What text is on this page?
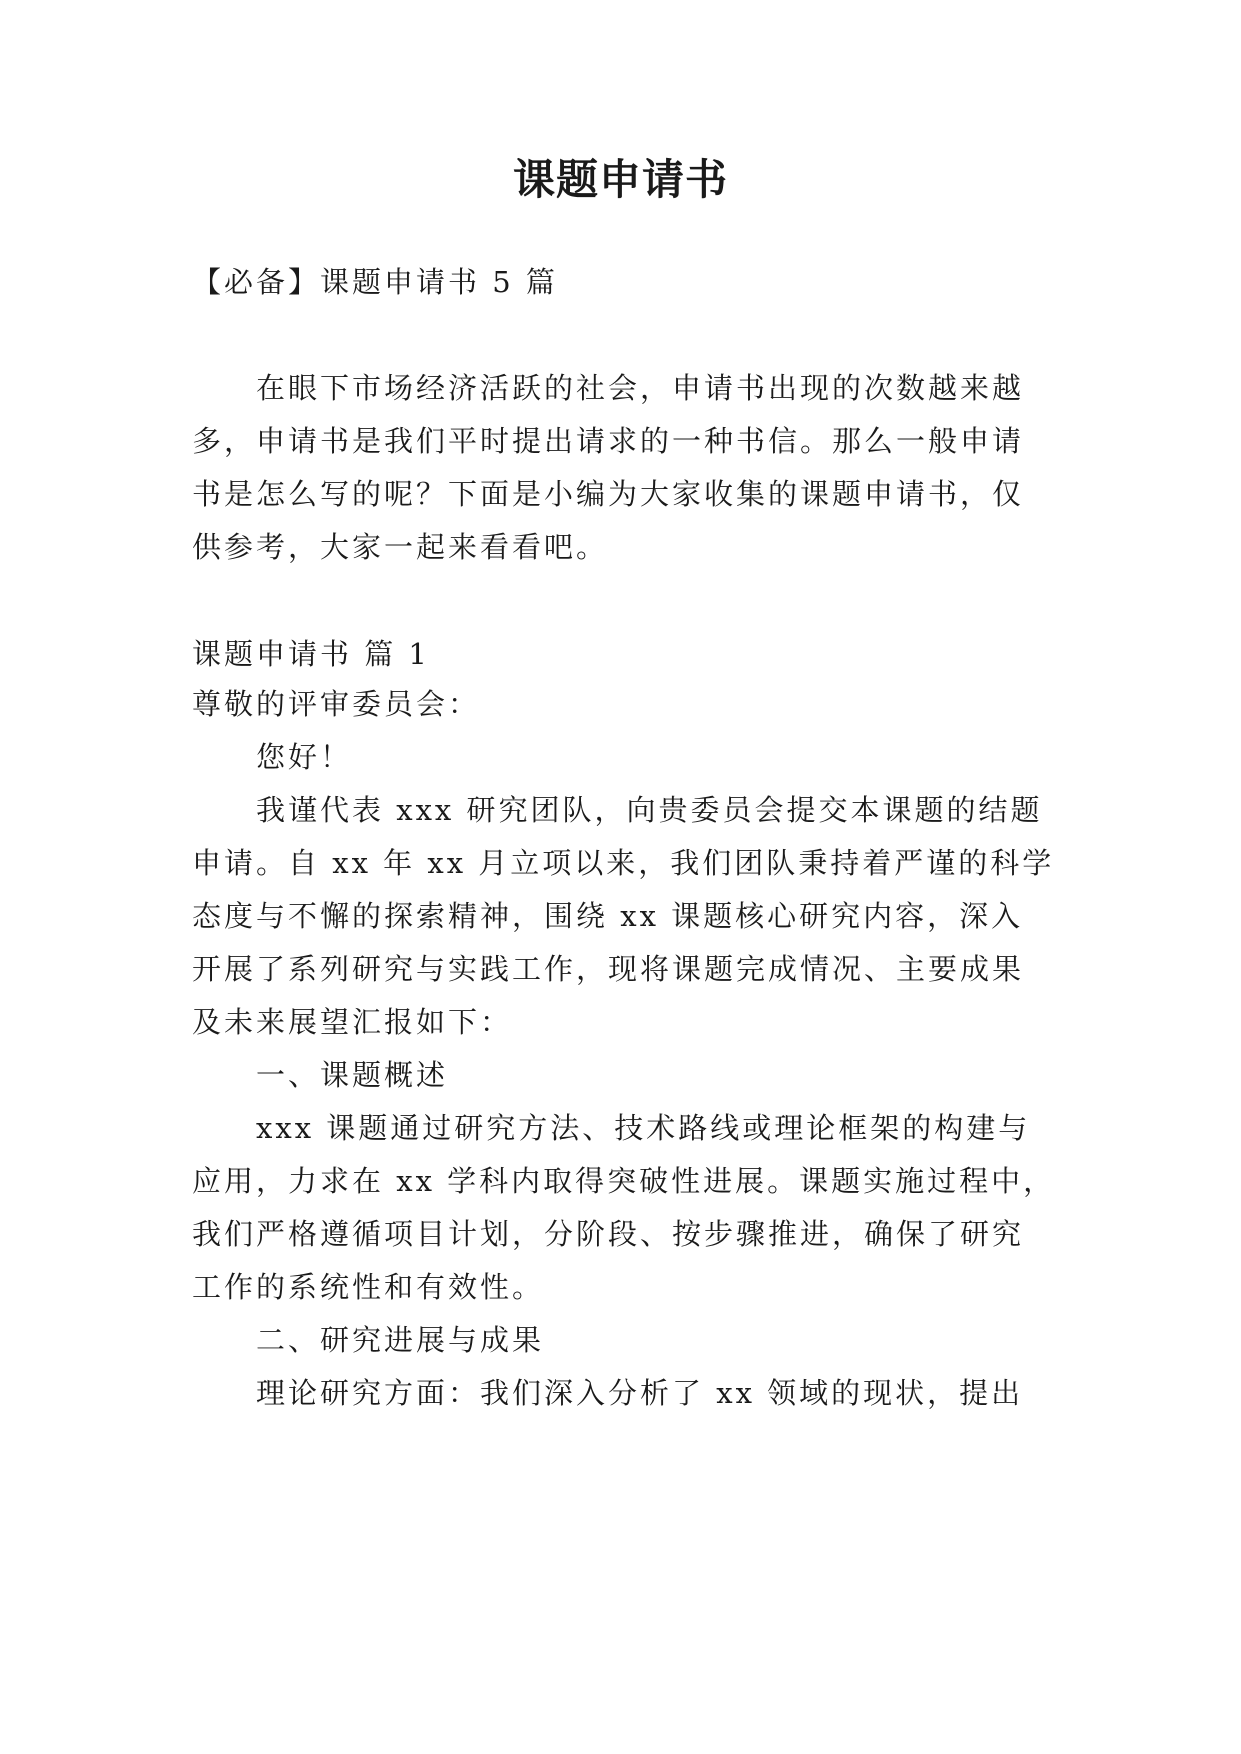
课题申请书
【必备】课题申请书 5 篇
在眼下市场经济活跃的社会，申请书出现的次数越来越
多，申请书是我们平时提出请求的一种书信。那么一般申请
书是怎么写的呢？下面是小编为大家收集的课题申请书，仅
供参考，大家一起来看看吧。
课题申请书 篇 1
尊敬的评审委员会：
您好！
我谨代表 xxx 研究团队，向贵委员会提交本课题的结题
申请。自 xx 年 xx 月立项以来，我们团队秉持着严谨的科学
态度与不懈的探索精神，围绕 xx 课题核心研究内容，深入
开展了系列研究与实践工作，现将课题完成情况、主要成果
及未来展望汇报如下：
一、课题概述
xxx 课题通过研究方法、技术路线或理论框架的构建与
应用，力求在 xx 学科内取得突破性进展。课题实施过程中，
我们严格遵循项目计划，分阶段、按步骤推进，确保了研究
工作的系统性和有效性。
二、研究进展与成果
理论研究方面：我们深入分析了 xx 领域的现状，提出
